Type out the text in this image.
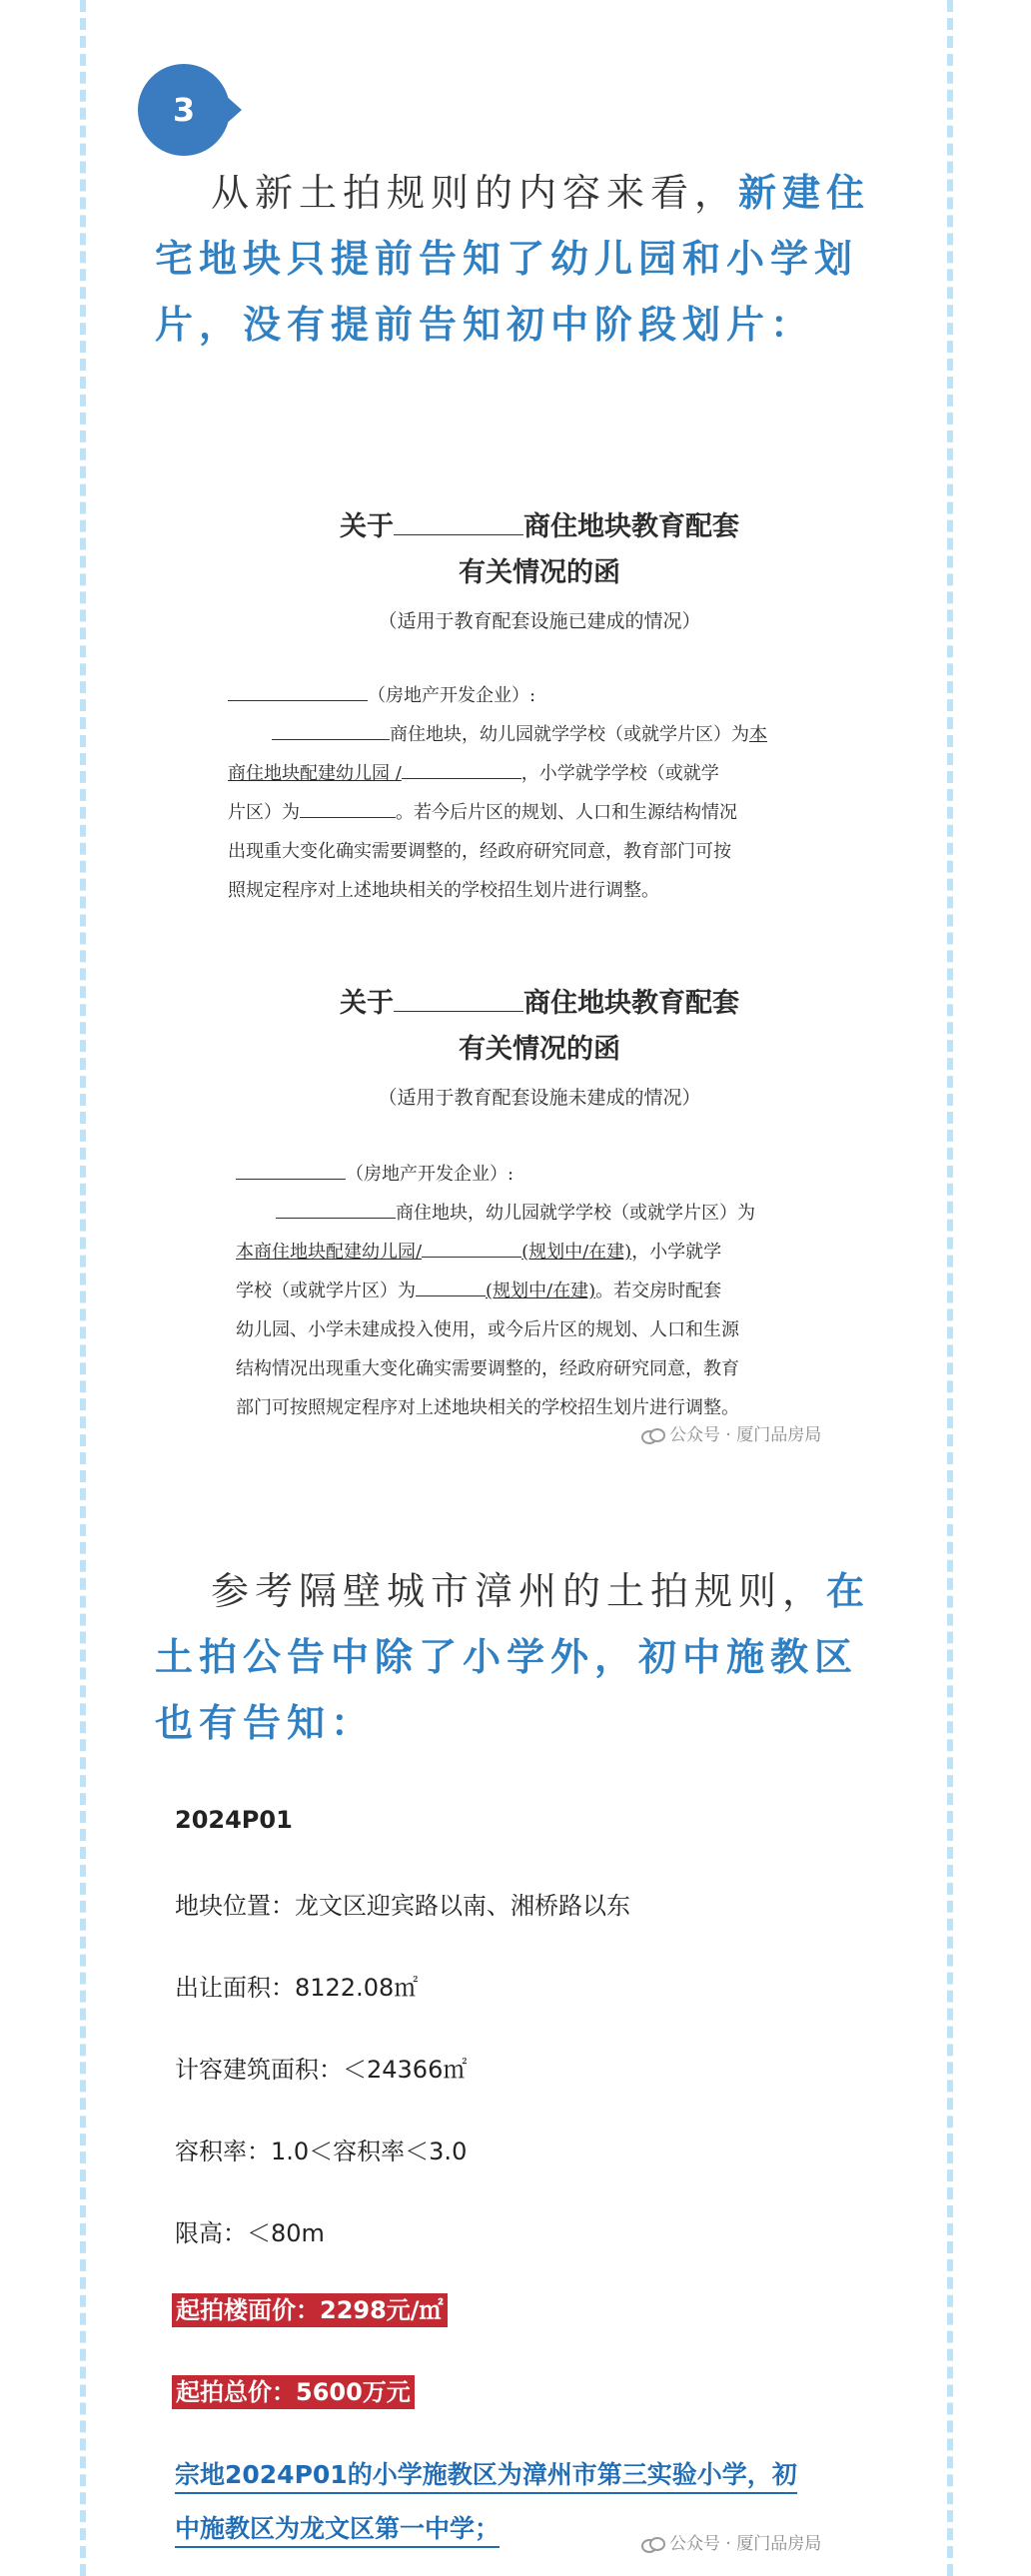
3
从新土拍规则的内容来看，新建住宅地块只提前告知了幼儿园和小学划片，没有提前告知初中阶段划片：
关于	商住地块教育配套
有关情况的函
（适用于教育配套设施已建成的情况）
（房地产开发企业）:
商住地块，幼儿园就学学校（或就学片区）为本
商住地块配建幼儿园 /	，小学就学学校（或就学
片区）为	。若今后片区的规划、人口和生源结构情况
出现重大变化确实需要调整的，经政府研究同意，教育部门可按
照规定程序对上述地块相关的学校招生划片进行调整。
关于	商住地块教育配套
有关情况的函
（适用于教育配套设施未建成的情况）
（房地产开发企业）:
商住地块，幼儿园就学学校（或就学片区）为
本商住地块配建幼儿园/	(规划中/在建)，小学就学
学校（或就学片区）为	(规划中/在建)。若交房时配套
幼儿园、小学未建成投入使用，或今后片区的规划、人口和生源
结构情况出现重大变化确实需要调整的，经政府研究同意，教育
部门可按照规定程序对上述地块相关的学校招生划片进行调整。
公众号 · 厦门品房局
参考隔壁城市漳州的土拍规则，在土拍公告中除了小学外，初中施教区也有告知：
2024P01
地块位置：龙文区迎宾路以南、湘桥路以东
出让面积：8122.08㎡
计容建筑面积：＜24366㎡
容积率：1.0＜容积率＜3.0
限高：＜80m
起拍楼面价：2298元/㎡
起拍总价：5600万元
宗地2024P01的小学施教区为漳州市第三实验小学，初
中施教区为龙文区第一中学；
公众号 · 厦门品房局
